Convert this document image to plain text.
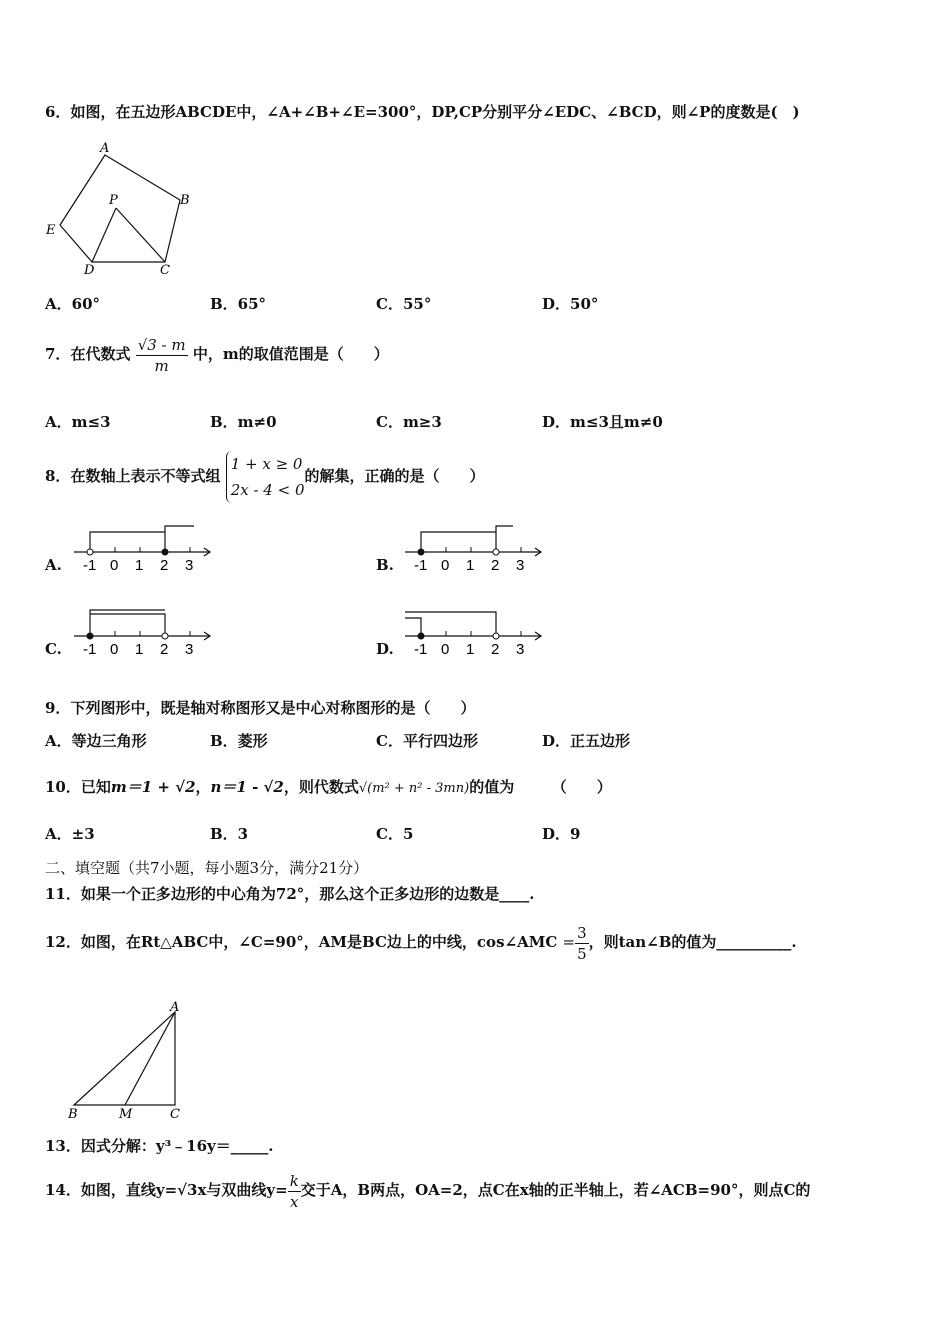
6．如图，在五边形ABCDE中，∠A+∠B+∠E=300°，DP,CP分别平分∠EDC、∠BCD，则∠P的度数是(　)
A
B
C
D
E
P
A．60°	B．65°	C．55°	D．50°
7．在代数式 $\frac{√3 - m}{m}$ 中，m的取值范围是（　　）
A．m≤3	B．m≠0	C．m≥3	D．m≤3且m≠0
8．在数轴上表示不等式组
1 + x ≥ 0
2x - 4 < 0
的解集，正确的是（　　）
A. -1 0 1 2 3	B. -1 0 1 2 3
C. -1 0 1 2 3	D. -1 0 1 2 3
9．下列图形中，既是轴对称图形又是中心对称图形的是（　　）
A．等边三角形	B．菱形	C．平行四边形	D．正五边形
10．已知m＝1 + √2，n＝1 - √2，则代数式√(m² + n² - 3mn)的值为　　　（　　）
A．±3	B．3	C．5	D．9
二、填空题（共7小题，每小题3分，满分21分）
11．如果一个正多边形的中心角为72°，那么这个正多边形的边数是____.
12．如图，在Rt△ABC中，∠C=90°，AM是BC边上的中线，cos∠AMC = $\frac{3}{5}$ ，则tan∠B的值为__________.
A
B	M	C
13．因式分解：y³﹣16y＝_____.
14．如图，直线y=√3x与双曲线$y= \frac{k}{x}$ 交于A，B两点，OA=2，点C在x轴的正半轴上，若∠ACB=90°，则点C的
